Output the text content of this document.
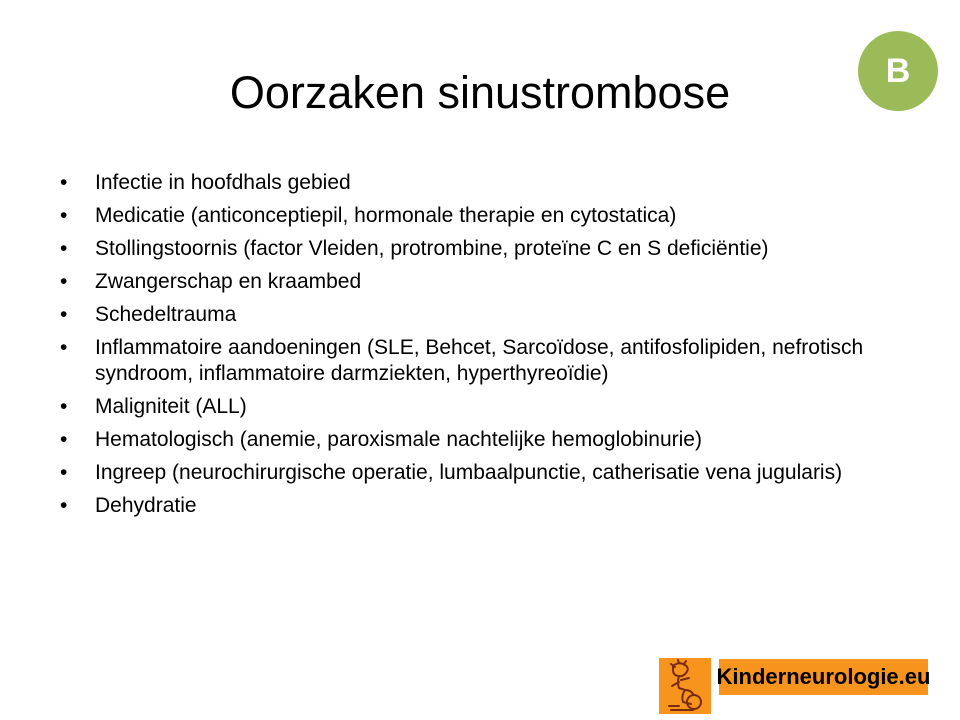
Oorzaken sinustrombose	B
• Infectie in hoofdhals gebied
• Medicatie (anticonceptiepil, hormonale therapie en cytostatica)
• Stollingstoornis (factor Vleiden, protrombine, proteïne C en S deficiëntie)
• Zwangerschap en kraambed
• Schedeltrauma
• Inflammatoire aandoeningen (SLE, Behcet, Sarcoïdose, antifosfolipiden, nefrotisch syndroom, inflammatoire darmziekten, hyperthyreoïdie)
• Maligniteit (ALL)
• Hematologisch (anemie, paroxismale nachtelijke hemoglobinurie)
• Ingreep (neurochirurgische operatie, lumbaalpunctie, catherisatie vena jugularis)
• Dehydratie
Kinderneurologie.eu
